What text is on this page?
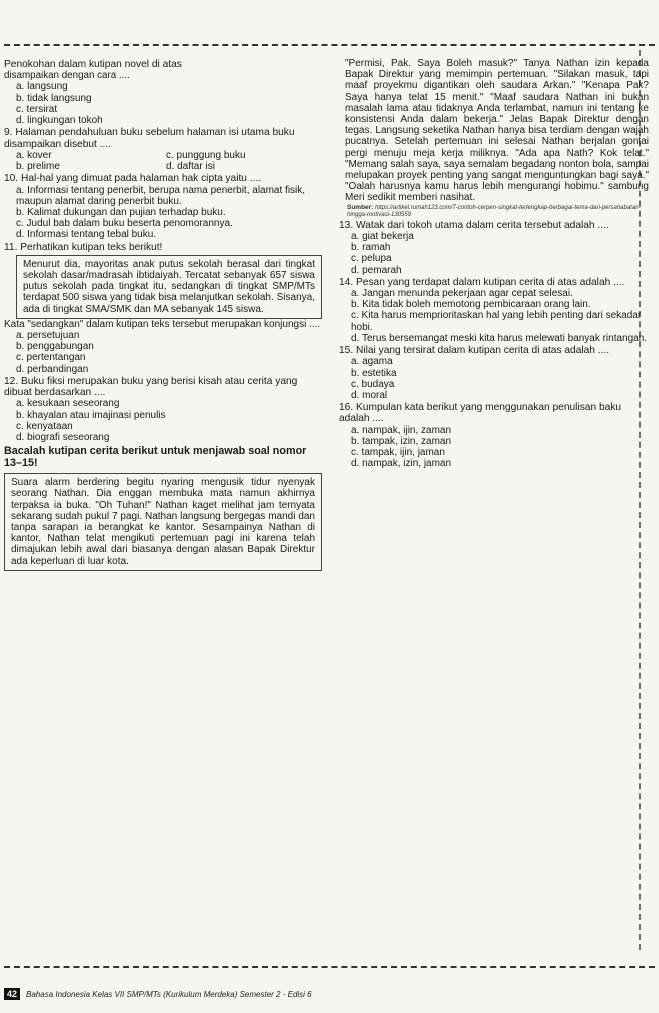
Penokohan dalam kutipan novel di atas

disampaikan dengan cara ....

a. langsung

b. tidak langsung

c. tersirat

d. lingkungan tokoh

9. Halaman pendahuluan buku sebelum halaman isi utama buku disampaikan disebut ....

a. kover	c. punggung buku
b. prelime	d. daftar isi

10. Hal-hal yang dimuat pada halaman hak cipta yaitu ....

a. Informasi tentang penerbit, berupa nama penerbit, alamat fisik, maupun alamat daring penerbit buku.

b. Kalimat dukungan dan pujian terhadap buku.

c. Judul bab dalam buku beserta penomorannya.

d. Informasi tentang tebal buku.

11. Perhatikan kutipan teks berikut!

Menurut dia, mayoritas anak putus sekolah berasal dari tingkat sekolah dasar/madrasah ibtidaiyah. Tercatat sebanyak 657 siswa putus sekolah pada tingkat itu, sedangkan di tingkat SMP/MTs terdapat 500 siswa yang tidak bisa melanjutkan sekolah. Sisanya, ada di tingkat SMA/SMK dan MA sebanyak 145 siswa.

Kata "sedangkan" dalam kutipan teks tersebut merupakan konjungsi ....

a. persetujuan

b. penggabungan

c. pertentangan

d. perbandingan

12. Buku fiksi merupakan buku yang berisi kisah atau cerita yang dibuat berdasarkan ....

a. kesukaan seseorang

b. khayalan atau imajinasi penulis

c. kenyataan

d. biografi seseorang

Bacalah kutipan cerita berikut untuk menjawab soal nomor 13–15!
Suara alarm berdering begitu nyaring mengusik tidur nyenyak seorang Nathan. Dia enggan membuka mata namun akhirnya terpaksa ia buka. "Oh Tuhan!" Nathan kaget melihat jam ternyata sekarang sudah pukul 7 pagi. Nathan langsung bergegas mandi dan tanpa sarapan ia berangkat ke kantor. Sesampainya Nathan di kantor, Nathan telat mengikuti pertemuan pagi ini karena telah dimajukan lebih awal dari biasanya dengan alasan Bapak Direktur ada keperluan di luar kota.
"Permisi, Pak. Saya Boleh masuk?" Tanya Nathan izin kepada Bapak Direktur yang memimpin pertemuan. "Silakan masuk, tapi maaf proyekmu digantikan oleh saudara Arkan." "Kenapa Pak? Saya hanya telat 15 menit." "Maaf saudara Nathan ini bukan masalah lama atau tidaknya Anda terlambat, namun ini tentang ke konsistensi Anda dalam bekerja." Jelas Bapak Direktur dengan tegas. Langsung seketika Nathan hanya bisa terdiam dengan wajah pucatnya. Setelah pertemuan ini selesai Nathan berjalan gontai pergi menuju meja kerja miliknya. "Ada apa Nath? Kok telat." "Memang salah saya, saya semalam begadang nonton bola, sampai melupakan proyek penting yang sangat menguntungkan bagi saya." "Oalah harusnya kamu harus lebih mengurangi hobimu." sambung Meri sedikit memberi nasihat.
Sumber: https://artikel.rumah123.com/7-contoh-cerpen-singkat-terlengkap-berbagai-tema-dari-persahabatan-hingga-motivasi-130559

13. Watak dari tokoh utama dalam cerita tersebut adalah ....

a. giat bekerja

b. ramah

c. pelupa

d. pemarah

14. Pesan yang terdapat dalam kutipan cerita di atas adalah ....

a. Jangan menunda pekerjaan agar cepat selesai.

b. Kita tidak boleh memotong pembicaraan orang lain.

c. Kita harus memprioritaskan hal yang lebih penting dari sekadar hobi.

d. Terus bersemangat meski kita harus melewati banyak rintangan.

15. Nilai yang tersirat dalam kutipan cerita di atas adalah ....

a. agama

b. estetika

c. budaya

d. moral

16. Kumpulan kata berikut yang menggunakan penulisan baku adalah ....

a. nampak, ijin, zaman

b. tampak, izin, zaman

c. tampak, ijin, jaman

d. nampak, izin, jaman

42	Bahasa Indonesia Kelas VII SMP/MTs (Kurikulum Merdeka) Semester 2 - Edisi 6
